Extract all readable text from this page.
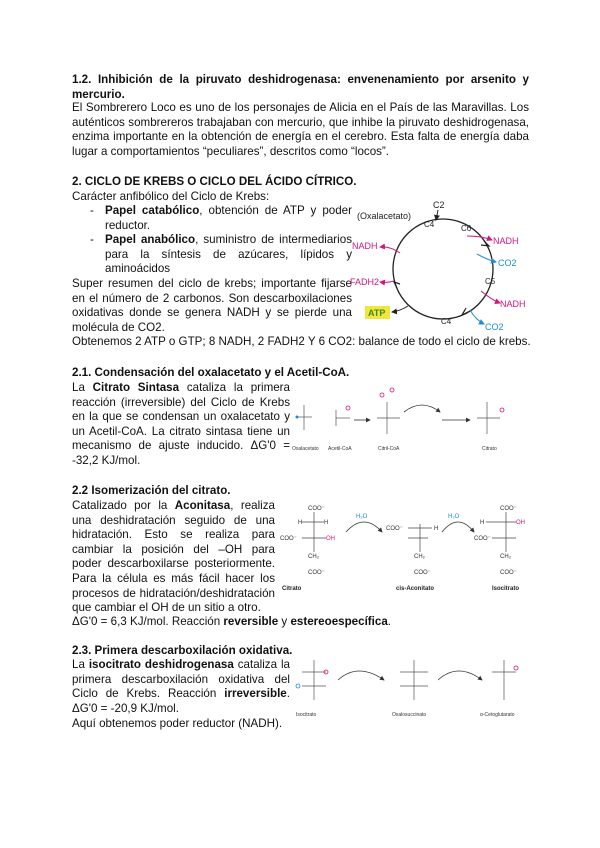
1.2. Inhibición de la piruvato deshidrogenasa: envenenamiento por arsenito y mercurio.
El Sombrerero Loco es uno de los personajes de Alicia en el País de las Maravillas. Los auténticos sombrereros trabajaban con mercurio, que inhibe la piruvato deshidrogenasa, enzima importante en la obtención de energía en el cerebro. Esta falta de energía daba lugar a comportamientos “peculiares”, descritos como “locos”.
2. CICLO DE KREBS O CICLO DEL ÁCIDO CÍTRICO.
Carácter anfibólico del Ciclo de Krebs:
- Papel catabólico, obtención de ATP y poder reductor.
- Papel anabólico, suministro de intermediarios para la síntesis de azúcares, lípidos y aminoácidos
Super resumen del ciclo de krebs; importante fijarse en el número de 2 carbonos. Son descarboxilaciones oxidativas donde se genera NADH y se pierde una molécula de CO2.
Obtenemos 2 ATP o GTP; 8 NADH, 2 FADH2 Y 6 CO2: balance de todo el ciclo de krebs.
(Oxalacetato)
C2
C4	C6
C5
C4
NADH	NADH
NADH
CO2
CO2
FADH2
ATP
2.1. Condensación del oxalacetato y el Acetil-CoA.
La Citrato Sintasa cataliza la primera reacción (irreversible) del Ciclo de Krebs en la que se condensan un oxalacetato y un Acetil-CoA. La citrato sintasa tiene un mecanismo de ajuste inducido. ΔG'0 = -32,2 KJ/mol.
Oxalacetato Acetil-CoA	Citril-CoA	Citrato
2.2 Isomerización del citrato.
Catalizado por la Aconitasa, realiza una deshidratación seguido de una hidratación. Esto se realiza para cambiar la posición del –OH para poder descarboxilarse posteriormente. Para la célula es más fácil hacer los procesos de hidratación/deshidratación que cambiar el OH de un sitio a otro.
ΔG'0 = 6,3 KJ/mol. Reacción reversible y estereoespecífica.
COO⁻
H	H
COO⁻	OH
CH₂
COO⁻
H₂O
COO⁻	H
CH₂
COO⁻
H₂O
COO⁻
H	OH
COO⁻
CH₂
COO⁻
Citrato	cis-Aconitato	Isocitrato
2.3. Primera descarboxilación oxidativa.
La isocitrato deshidrogenasa cataliza la primera descarboxilación oxidativa del Ciclo de Krebs. Reacción irreversible. ΔG'0 = -20,9 KJ/mol.
Aquí obtenemos poder reductor (NADH).
Isocitrato	Oxalosuccinato	α-Cetoglutarato
